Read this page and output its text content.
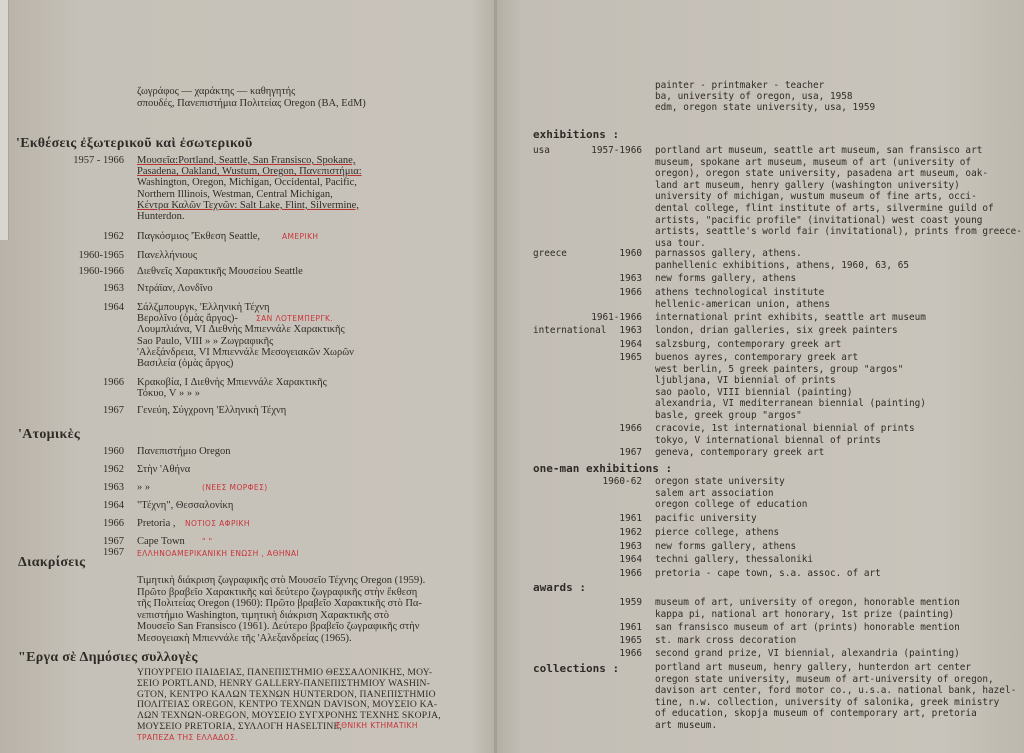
ζωγράφος — χαράκτης — καθηγητής
σπουδές, Πανεπιστήμια Πολιτείας Oregon (BA, EdM)
'Εκθέσεις ἐξωτερικοῦ καὶ ἐσωτερικοῦ
1957 - 1966 Μουσεῖα:Portland, Seattle, San Fransisco, Spokane,
Pasadena, Oakland, Wustum, Oregon, Πανεπιστήμια:
Washington, Oregon, Michigan, Occidental, Pacific,
Northern Illinois, Westman, Central Michigan,
Κέντρα Καλῶν Τεχνῶν: Salt Lake, Flint, Silvermine,
Hunterdon.
1962 Παγκόσμιος 'Έκθεση Seattle,	ΑΜΕΡΙΚΗ
1960-1965 Πανελλήνιους
1960-1966 Διεθνεῖς Χαρακτικῆς Μουσείου Seattle
1963 Ντράϊαν, Λονδῖνο
1964 Σάλζμπουργκ, 'Ελληνικὴ Τέχνη
Βερολῖνο (ὁμὰς ἄργος)-
Λουμπλιάνα, VI Διεθνὴς Μπιεννάλε Χαρακτικῆς
Sao Paulo, VIII » » Ζωγραφικῆς
'Αλεξάνδρεια, VI Μπιεννάλε Μεσογειακῶν Χωρῶν
Βασιλεία (ὁμὰς ἄργος)
ΣΑΝ ΛΟΤΕΜΠΕΡΓΚ.
1966 Κρακοβία, I Διεθνὴς Μπιεννάλε Χαρακτικῆς
Τόκυο, V » » »
1967 Γενεύη, Σύγχρονη 'Ελληνικὴ Τέχνη
'Ατομικὲς
1960 Πανεπιστήμιο Oregon
1962 Στὴν 'Αθήνα
1963 » »	(ΝΕΕΣ ΜΟΡΦΕΣ)
1964 "Τέχνη", Θεσσαλονίκη
1966 Pretoria , ΝΟΤΙΟΣ ΑΦΡΙΚΗ
1967 Cape Town " "
1967 ΕΛΛΗΝΟΑΜΕΡΙΚΑΝΙΚΗ ΕΝΩΣΗ , ΑΘΗΝΑΙ
Διακρίσεις
Τιμητικὴ διάκριση ζωγραφικῆς στὸ Μουσεῖο Τέχνης Oregon (1959).
Πρῶτο βραβεῖο Χαρακτικῆς καὶ δεύτερο ζωγραφικῆς στὴν ἔκθεση
τῆς Πολιτείας Oregon (1960): Πρῶτο βραβεῖο Χαρακτικῆς στὸ Πα-
νεπιστήμιο Washington, τιμητικὴ διάκριση Χαρακτικῆς στὸ
Μουσεῖο San Fransisco (1961). Δεύτερο βραβεῖο ζωγραφικῆς στὴν
Μεσογειακὴ Μπιεννάλε τῆς 'Αλεξανδρείας (1965).
"Εργα σὲ Δημόσιες συλλογὲς
ΥΠΟΥΡΓΕΙΟ ΠΑΙΔΕΙΑΣ, ΠΑΝΕΠΙΣΤΗΜΙΟ ΘΕΣΣΑΛΟΝΙΚΗΣ, ΜΟΥ-
ΣΕΙΟ PORTLAND, HENRY GALLERY-ΠΑΝΕΠΙΣΤΗΜΙΟΥ WASHIN-
GTON, ΚΕΝΤΡΟ ΚΑΛΩΝ ΤΕΧΝΩΝ HUNTERDON, ΠΑΝΕΠΙΣΤΗΜΙΟ
ΠΟΛΙΤΕΙΑΣ OREGON, ΚΕΝΤΡΟ ΤΕΧΝΩΝ DAVISON, ΜΟΥΣΕΙΟ ΚΑ-
ΛΩΝ ΤΕΧΝΩΝ-OREGON, ΜΟΥΣΕΙΟ ΣΥΓΧΡΟΝΗΣ ΤΕΧΝΗΣ SKOPJA,
ΜΟΥΣΕΙΟ PRETORIA, ΣΥΛΛΟΓΗ HASELTINE,
ΕΘΝΙΚΗ ΚΤΗΜΑΤΙΚΗ
ΤΡΑΠΕΖΑ ΤΗΣ ΕΛΛΑΔΟΣ.
painter - printmaker - teacher
ba, university of oregon, usa, 1958
edm, oregon state university, usa, 1959
exhibitions :
usa	1957-1966 portland art museum, seattle art museum, san fransisco art
museum, spokane art museum, museum of art (university of
oregon), oregon state university, pasadena art museum, oak-
land art museum, henry gallery (washington university)
university of michigan, wustum museum of fine arts, occi-
dental college, flint institute of arts, silvermine guild of
artists, "pacific profile" (invitational) west coast young
artists, seattle's world fair (invitational), prints from greece-
usa tour.
greece	1960 parnassos gallery, athens.
panhellenic exhibitions, athens, 1960, 63, 65
1963 new forms gallery, athens
1966 athens technological institute
hellenic-american union, athens
1961-1966 international print exhibits, seattle art museum
international	1963 london, drian galleries, six greek painters
1964 salzsburg, contemporary greek art
1965 buenos ayres, contemporary greek art
west berlin, 5 greek painters, group "argos"
ljubljana, VI biennial of prints
sao paolo, VIII biennial (painting)
alexandria, VI mediterranean biennial (painting)
basle, greek group "argos"
1966 cracovie, 1st international biennial of prints
tokyo, V international biennal of prints
1967 geneva, contemporary greek art
one-man exhibitions :
1960-62 oregon state university
salem art association
oregon college of education
1961 pacific university
1962 pierce college, athens
1963 new forms gallery, athens
1964 techni gallery, thessaloniki
1966 pretoria - cape town, s.a. assoc. of art
awards :
1959 museum of art, university of oregon, honorable mention
kappa pi, national art honorary, 1st prize (painting)
1961 san fransisco museum of art (prints) honorable mention
1965 st. mark cross decoration
1966 second grand prize, VI biennial, alexandria (painting)
collections :	portland art museum, henry gallery, hunterdon art center
oregon state university, museum of art-university of oregon,
davison art center, ford motor co., u.s.a. national bank, hazel-
tine, n.w. collection, university of salonika, greek ministry
of education, skopja museum of contemporary art, pretoria
art museum.
